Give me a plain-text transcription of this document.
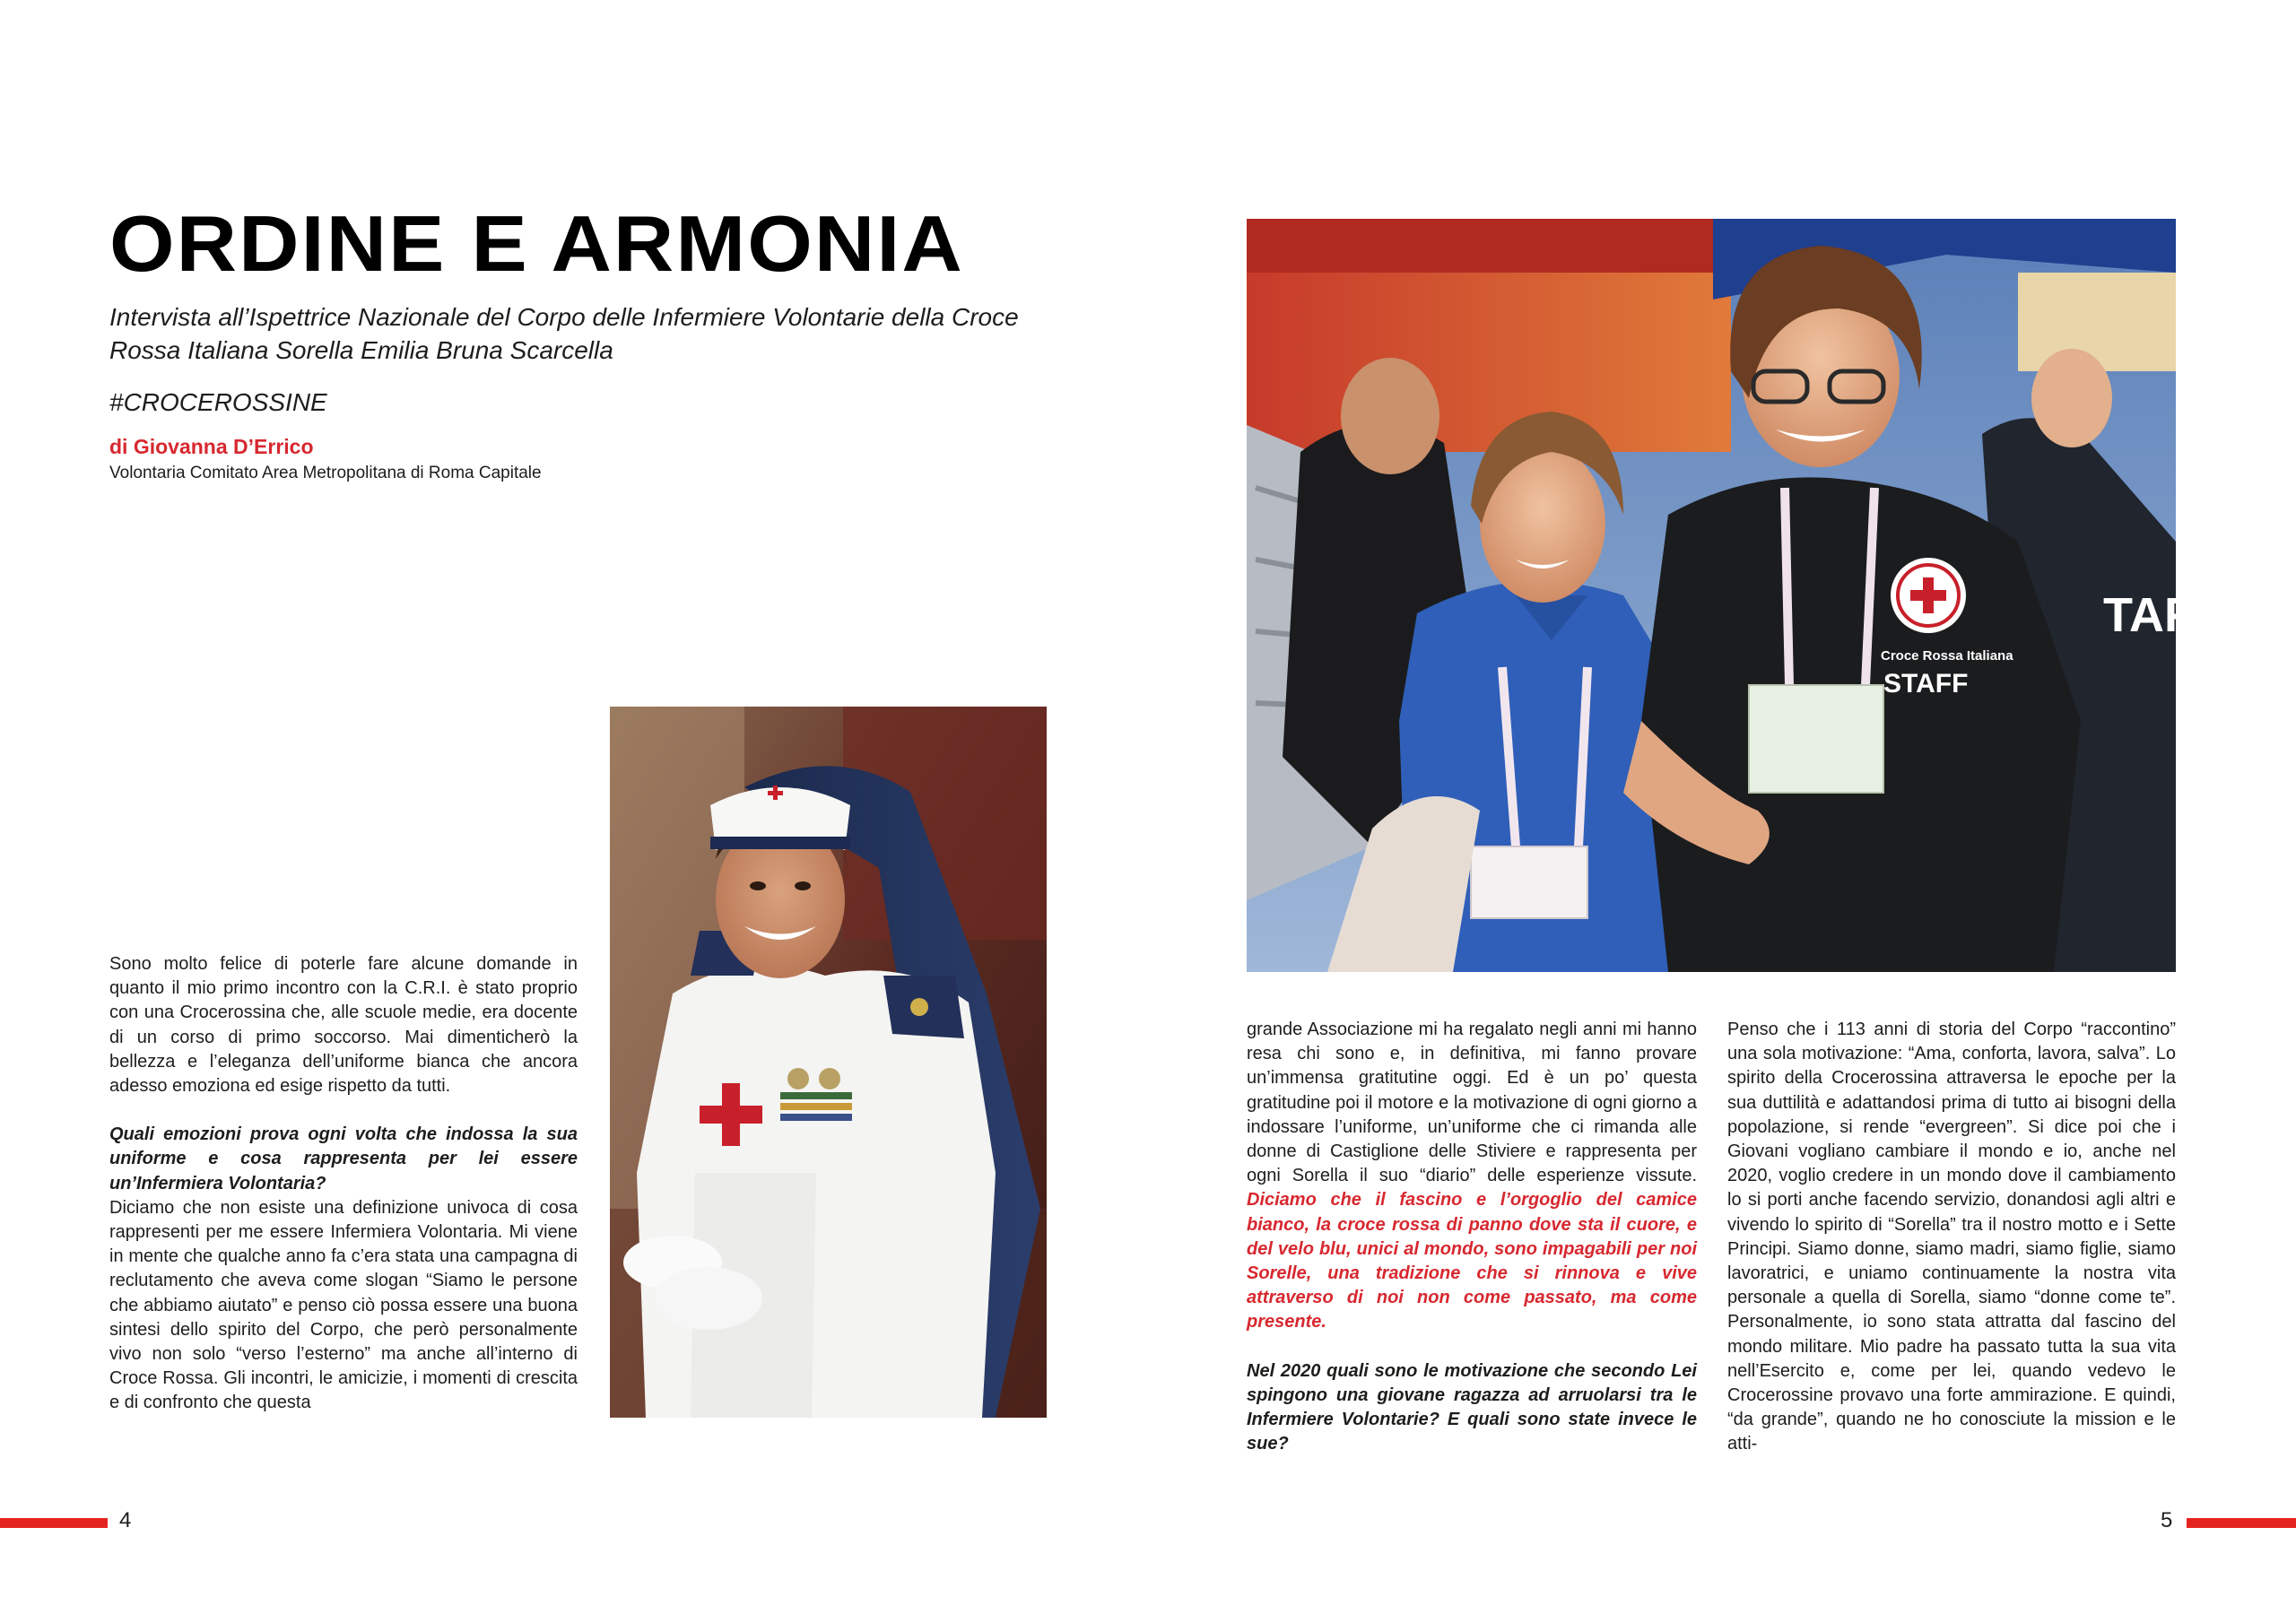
ORDINE E ARMONIA

Intervista all’Ispettrice Nazionale del Corpo delle Infermiere Volontarie della Croce Rossa Italiana Sorella Emilia Bruna Scarcella

#CROCEROSSINE

di Giovanna D’Errico

Volontaria Comitato Area Metropolitana di Roma Capitale

Sono molto felice di poterle fare alcune domande in quanto il mio primo incontro con la C.R.I. è stato proprio con una Crocerossina che, alle scuole medie, era docente di un corso di primo soccorso. Mai dimenticherò la bellezza e l’eleganza dell’uniforme bianca che ancora adesso emoziona ed esige rispetto da tutti.

Quali emozioni prova ogni volta che indossa la sua uniforme e cosa rappresenta per lei essere un’Infermiera Volontaria?

Diciamo che non esiste una definizione univoca di cosa rappresenti per me essere Infermiera Volontaria. Mi viene in mente che qualche anno fa c’era stata una campagna di reclutamento che aveva come slogan “Siamo le persone che abbiamo aiutato” e penso ciò possa essere una buona sintesi dello spirito del Corpo, che però personalmente vivo non solo “verso l’esterno” ma anche all’interno di Croce Rossa. Gli incontri, le amicizie, i momenti di crescita e di confronto che questa

TAFF
Croce Rossa Italiana
STAFF

grande Associazione mi ha regalato negli anni mi hanno resa chi sono e, in definitiva, mi fanno provare un’immensa gratitutine oggi. Ed è un po’ questa gratitudine poi il motore e la motivazione di ogni giorno a indossare l’uniforme, un’uniforme che ci rimanda alle donne di Castiglione delle Stiviere e rappresenta per ogni Sorella il suo “diario” delle esperienze vissute. Diciamo che il fascino e l’orgoglio del camice bianco, la croce rossa di panno dove sta il cuore, e del velo blu, unici al mondo, sono impagabili per noi Sorelle, una tradizione che si rinnova e vive attraverso di noi non come passato, ma come presente.

Nel 2020 quali sono le motivazione che secondo Lei spingono una giovane ragazza ad arruolarsi tra le Infermiere Volontarie? E quali sono state invece le sue?

Penso che i 113 anni di storia del Corpo “raccontino” una sola motivazione: “Ama, conforta, lavora, salva”. Lo spirito della Crocerossina attraversa le epoche per la sua duttilità e adattandosi prima di tutto ai bisogni della popolazione, si rende “evergreen”. Si dice poi che i Giovani vogliano cambiare il mondo e io, anche nel 2020, voglio credere in un mondo dove il cambiamento lo si porti anche facendo servizio, donandosi agli altri e vivendo lo spirito di “Sorella” tra il nostro motto e i Sette Principi. Siamo donne, siamo madri, siamo figlie, siamo lavoratrici, e uniamo continuamente la nostra vita personale a quella di Sorella, siamo “donne come te”. Personalmente, io sono stata attratta dal fascino del mondo militare. Mio padre ha passato tutta la sua vita nell’Esercito e, come per lei, quando vedevo le Crocerossine provavo una forte ammirazione. E quindi, “da grande”, quando ne ho conosciute la mission e le atti-

4	5
